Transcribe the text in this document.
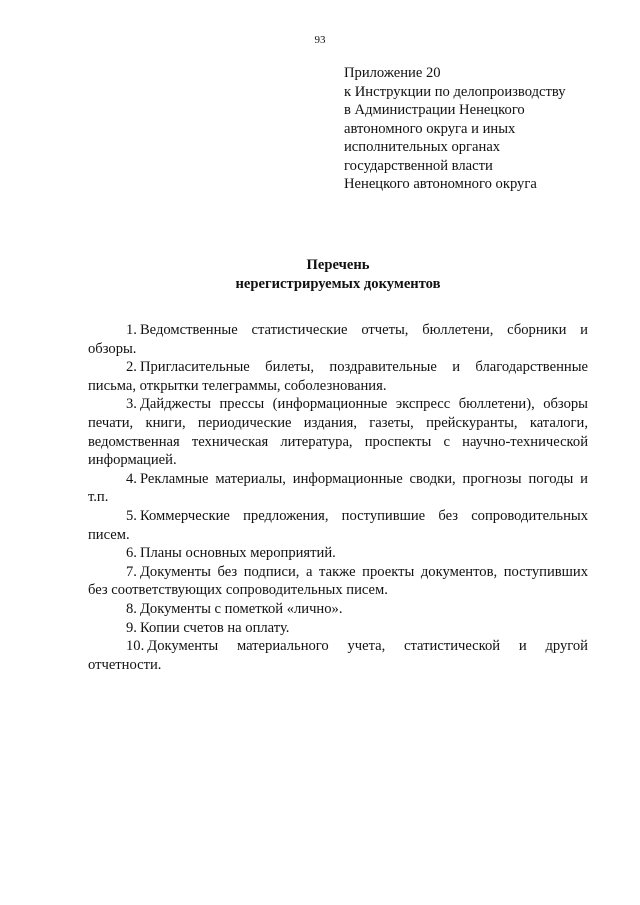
93
Приложение 20
к Инструкции по делопроизводству
в Администрации Ненецкого
автономного округа и иных
исполнительных органах
государственной власти
Ненецкого автономного округа
Перечень
нерегистрируемых документов

1. Ведомственные статистические отчеты, бюллетени, сборники и обзоры.

2. Пригласительные билеты, поздравительные и благодарственные письма, открытки телеграммы, соболезнования.

3. Дайджесты прессы (информационные экспресс бюллетени), обзоры печати, книги, периодические издания, газеты, прейскуранты, каталоги, ведомственная техническая литература, проспекты с научно-технической информацией.

4. Рекламные материалы, информационные сводки, прогнозы погоды и т.п.

5. Коммерческие предложения, поступившие без сопроводительных писем.

6. Планы основных мероприятий.

7. Документы без подписи, а также проекты документов, поступивших без соответствующих сопроводительных писем.

8. Документы с пометкой «лично».

9. Копии счетов на оплату.

10. Документы материального учета, статистической и другой отчетности.
